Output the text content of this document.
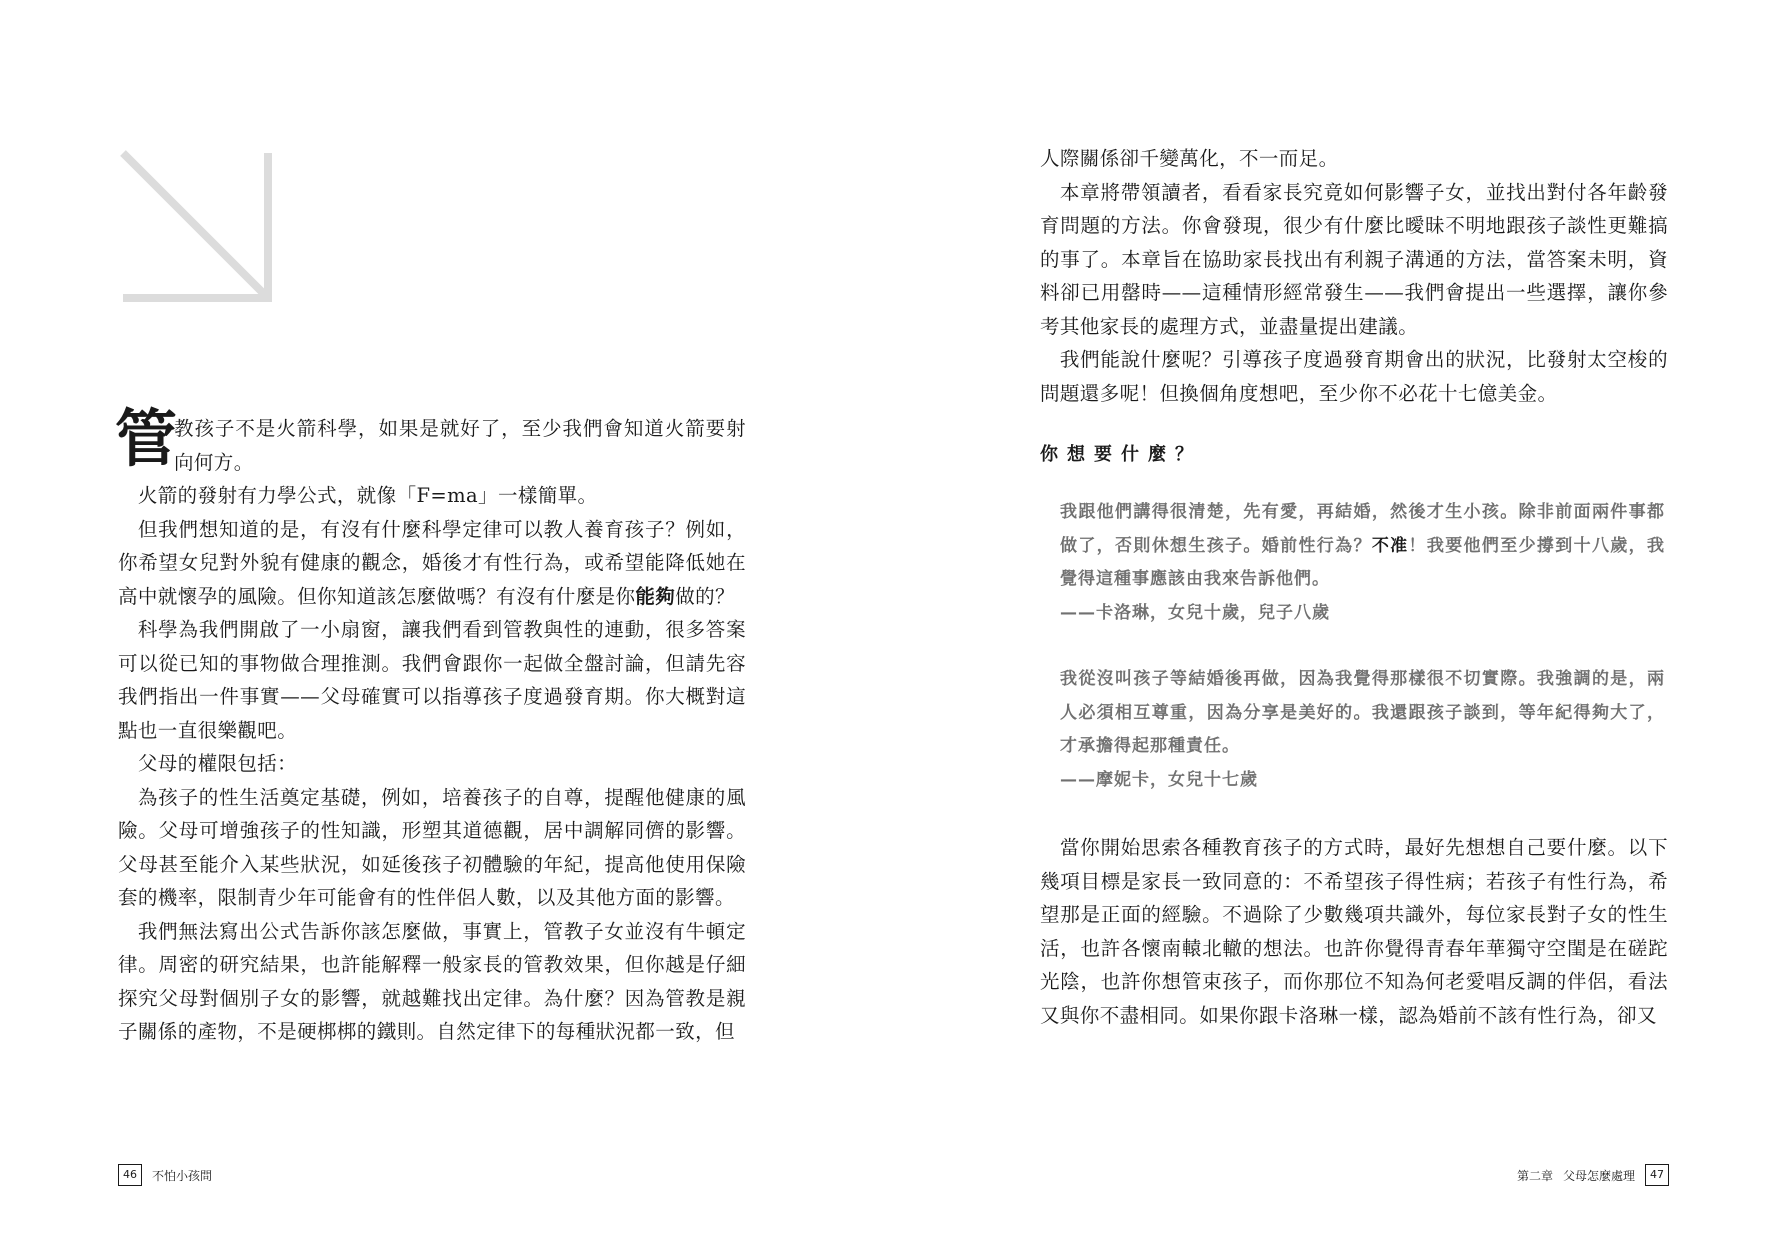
管
教孩子不是火箭科學，如果是就好了，至少我們會知道火箭要射向何方。

火箭的發射有力學公式，就像「F=ma」一樣簡單。

但我們想知道的是，有沒有什麼科學定律可以教人養育孩子？例如，你希望女兒對外貌有健康的觀念，婚後才有性行為，或希望能降低她在高中就懷孕的風險。但你知道該怎麼做嗎？有沒有什麼是你能夠做的？

科學為我們開啟了一小扇窗，讓我們看到管教與性的連動，很多答案可以從已知的事物做合理推測。我們會跟你一起做全盤討論，但請先容我們指出一件事實——父母確實可以指導孩子度過發育期。你大概對這點也一直很樂觀吧。

父母的權限包括：

為孩子的性生活奠定基礎，例如，培養孩子的自尊，提醒他健康的風險。父母可增強孩子的性知識，形塑其道德觀，居中調解同儕的影響。父母甚至能介入某些狀況，如延後孩子初體驗的年紀，提高他使用保險套的機率，限制青少年可能會有的性伴侶人數，以及其他方面的影響。

我們無法寫出公式告訴你該怎麼做，事實上，管教子女並沒有牛頓定律。周密的研究結果，也許能解釋一般家長的管教效果，但你越是仔細探究父母對個別子女的影響，就越難找出定律。為什麼？因為管教是親子關係的產物，不是硬梆梆的鐵則。自然定律下的每種狀況都一致，但

46 不怕小孩問

人際關係卻千變萬化，不一而足。

本章將帶領讀者，看看家長究竟如何影響子女，並找出對付各年齡發育問題的方法。你會發現，很少有什麼比曖昧不明地跟孩子談性更難搞的事了。本章旨在協助家長找出有利親子溝通的方法，當答案未明，資料卻已用罄時——這種情形經常發生——我們會提出一些選擇，讓你參考其他家長的處理方式，並盡量提出建議。

我們能說什麼呢？引導孩子度過發育期會出的狀況，比發射太空梭的問題還多呢！但換個角度想吧，至少你不必花十七億美金。

你想要什麼？
我跟他們講得很清楚，先有愛，再結婚，然後才生小孩。除非前面兩件事都做了，否則休想生孩子。婚前性行為？不准！我要他們至少撐到十八歲，我覺得這種事應該由我來告訴他們。
——卡洛琳，女兒十歲，兒子八歲
我從沒叫孩子等結婚後再做，因為我覺得那樣很不切實際。我強調的是，兩人必須相互尊重，因為分享是美好的。我還跟孩子談到，等年紀得夠大了，才承擔得起那種責任。
——摩妮卡，女兒十七歲

當你開始思索各種教育孩子的方式時，最好先想想自己要什麼。以下幾項目標是家長一致同意的：不希望孩子得性病；若孩子有性行為，希望那是正面的經驗。不過除了少數幾項共識外，每位家長對子女的性生活，也許各懷南轅北轍的想法。也許你覺得青春年華獨守空閨是在磋跎光陰，也許你想管束孩子，而你那位不知為何老愛唱反調的伴侶，看法又與你不盡相同。如果你跟卡洛琳一樣，認為婚前不該有性行為，卻又

第二章 父母怎麼處理 47
